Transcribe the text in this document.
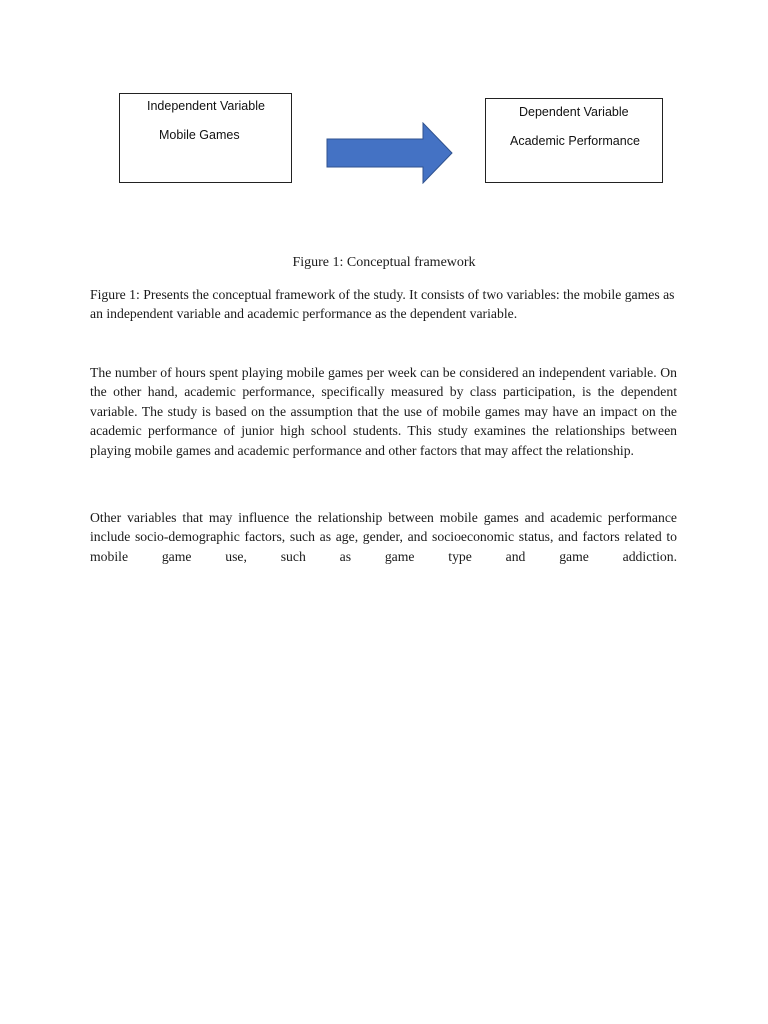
Independent Variable
Mobile Games
Dependent Variable
Academic Performance
Figure 1: Conceptual framework

Figure 1: Presents the conceptual framework of the study. It consists of two variables: the mobile games as an independent variable and academic performance as the dependent variable.

The number of hours spent playing mobile games per week can be considered an independent variable. On the other hand, academic performance, specifically measured by class participation, is the dependent variable. The study is based on the assumption that the use of mobile games may have an impact on the academic performance of junior high school students. This study examines the relationships between playing mobile games and academic performance and other factors that may affect the relationship.

Other variables that may influence the relationship between mobile games and academic performance include socio-demographic factors, such as age, gender, and socioeconomic status, and factors related to mobile game use, such as game type and game addiction.
